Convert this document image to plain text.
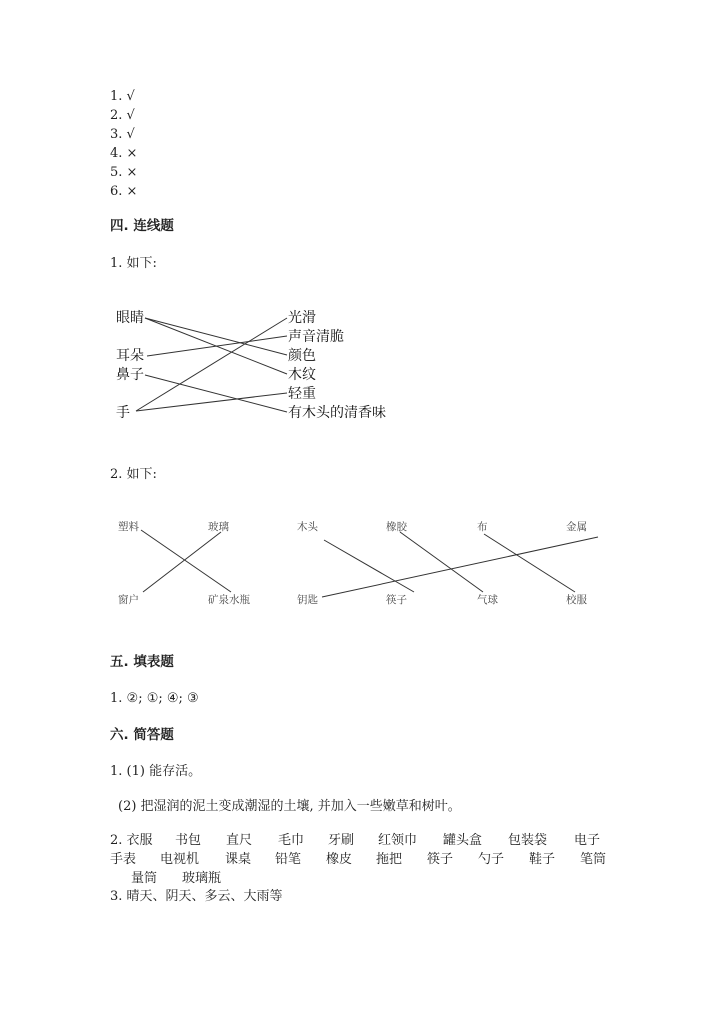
1. √
2. √
3. √
4. ×
5. ×
6. ×
四. 连线题
1. 如下:
眼睛
耳朵
鼻子
手
光滑
声音清脆
颜色
木纹
轻重
有木头的清香味
2. 如下:
塑料	玻璃
窗户	矿泉水瓶
木头	橡胶	布	金属
钥匙	筷子	气球	校服
五. 填表题
1. ②; ①; ④; ③
六. 简答题
1. (1) 能存活。
(2) 把湿润的泥土变成潮湿的土壤, 并加入一些嫩草和树叶。
2. 衣服 书包 直尺 毛巾 牙刷 红领巾 罐头盒 包装袋 电子
手表 电视机 课桌 铅笔 橡皮 拖把 筷子 勺子 鞋子 笔筒
量筒 玻璃瓶
3. 晴天、阴天、多云、大雨等
